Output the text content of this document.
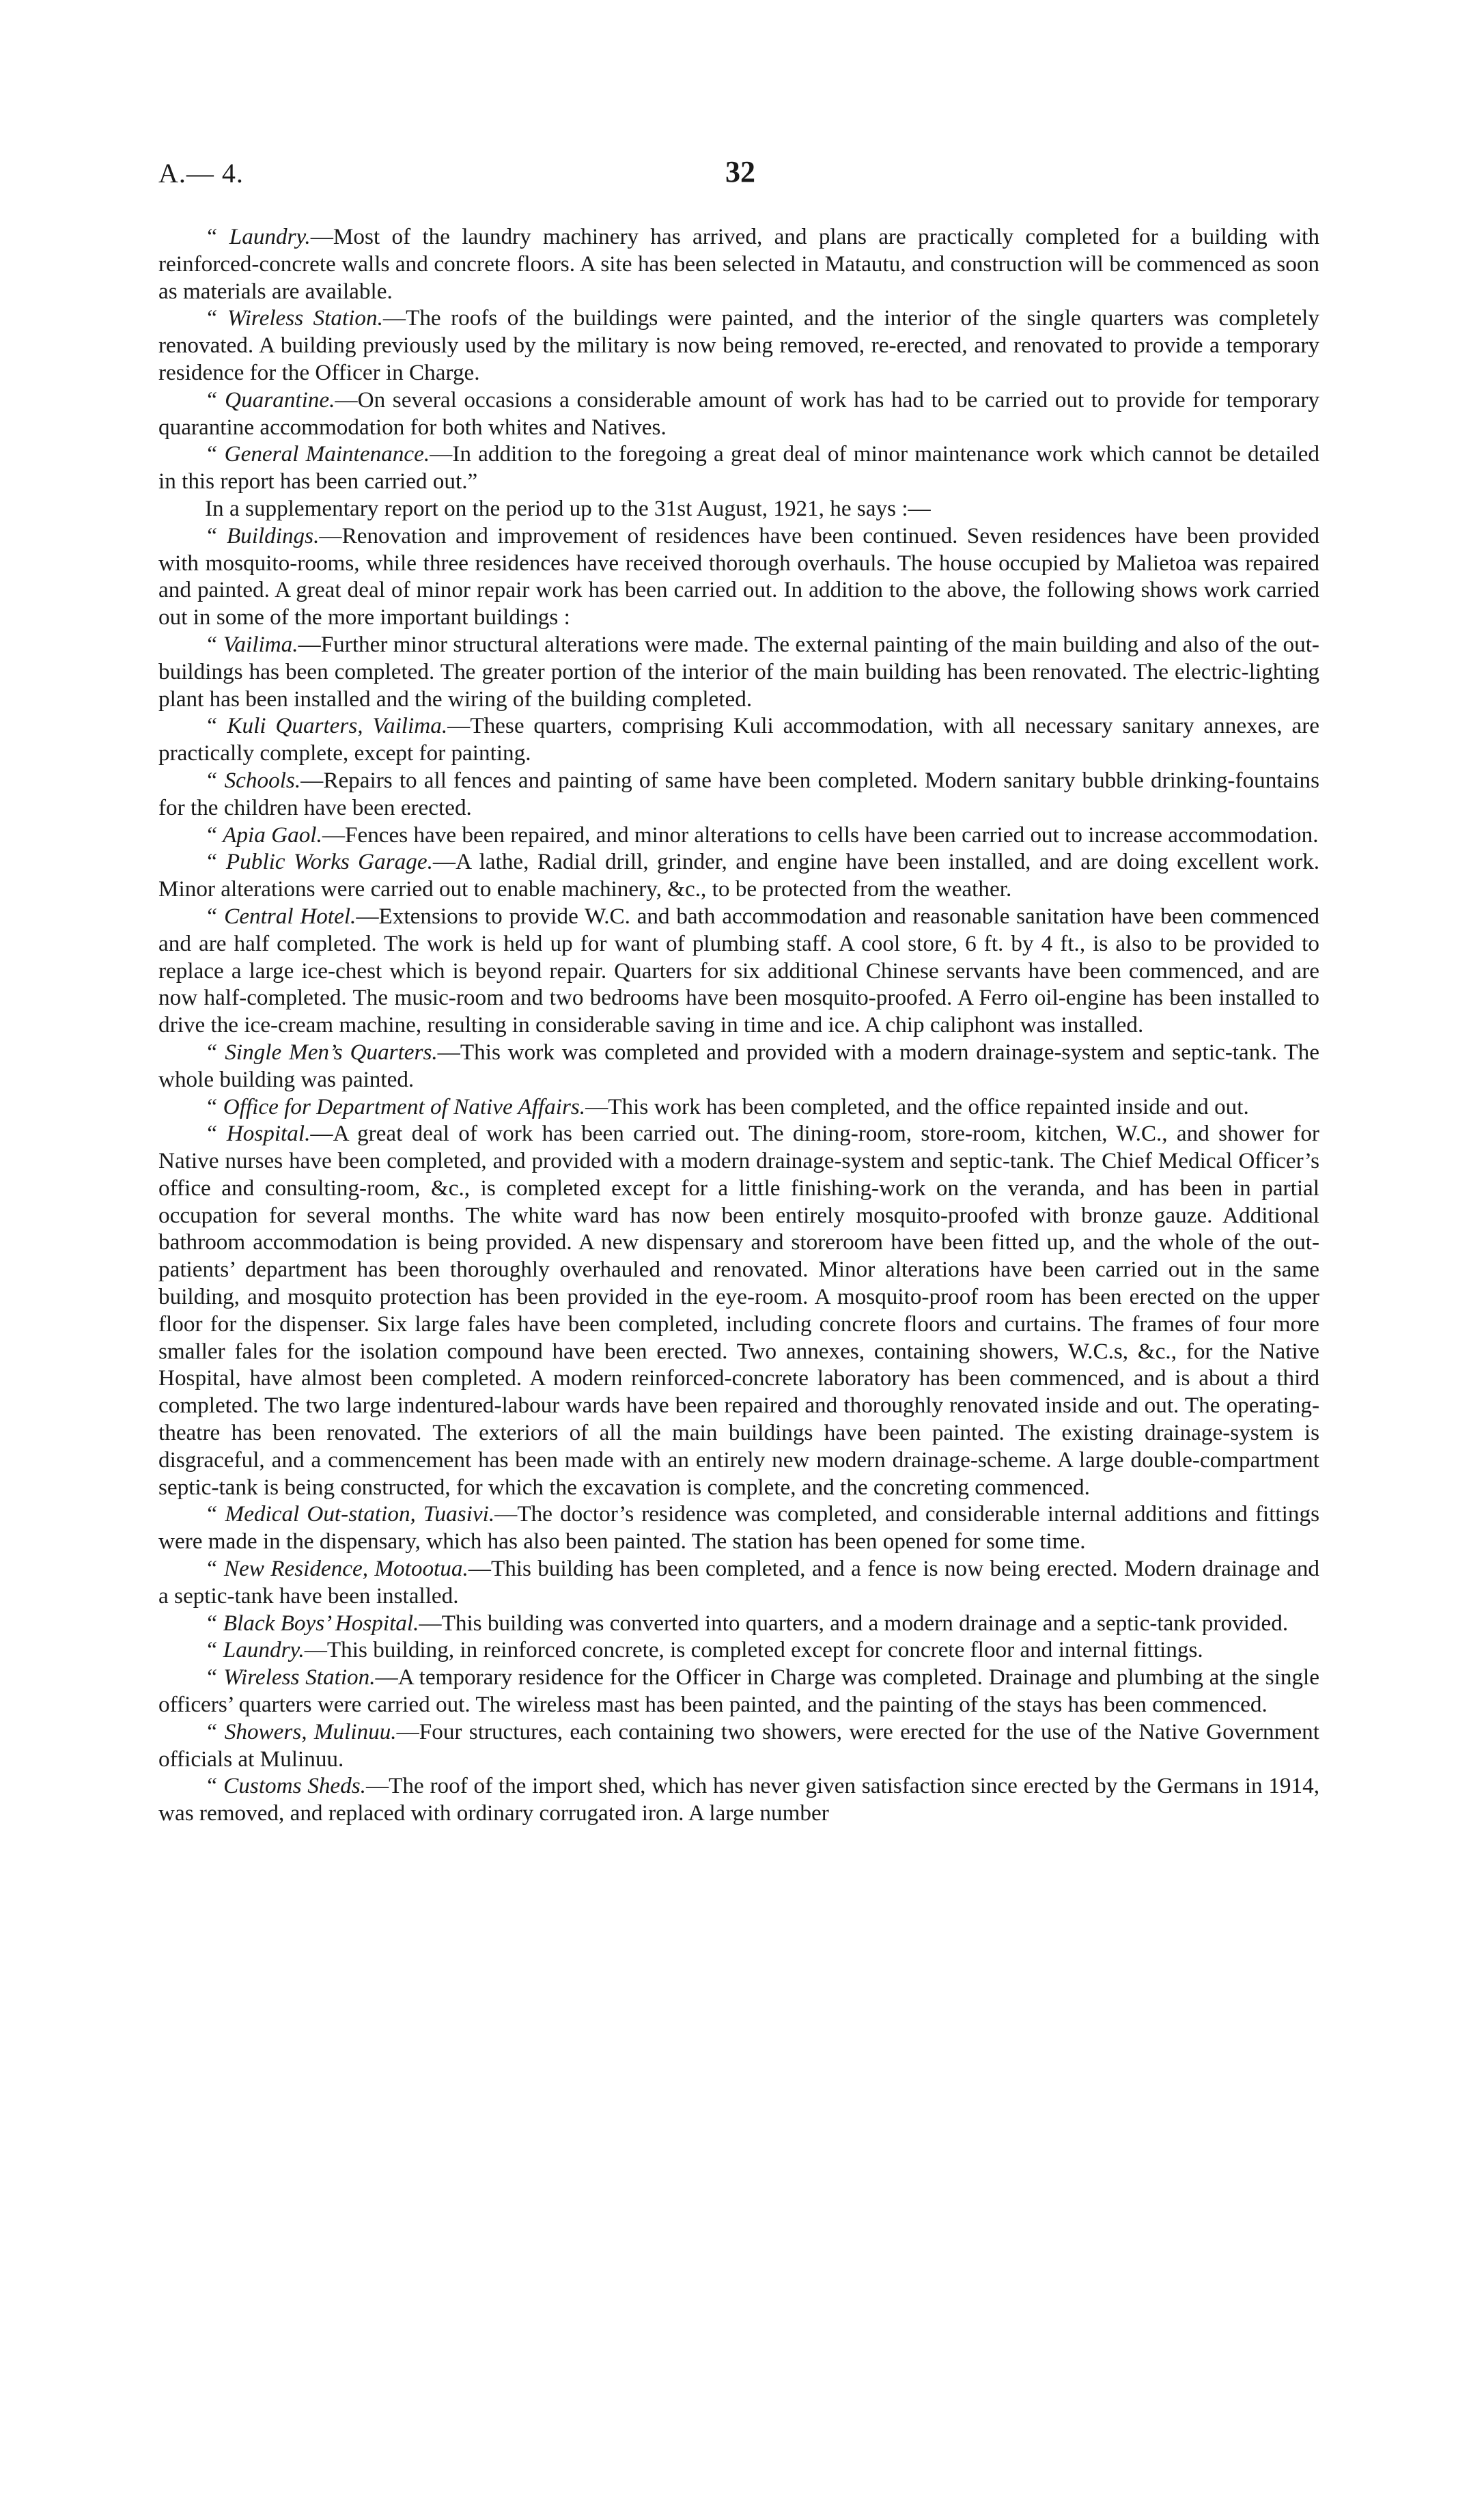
A.— 4.	32

“ Laundry.—Most of the laundry machinery has arrived, and plans are practically completed for a building with reinforced-concrete walls and concrete floors. A site has been selected in Matautu, and construction will be commenced as soon as materials are available.

“ Wireless Station.—The roofs of the buildings were painted, and the interior of the single quarters was completely renovated. A building previously used by the military is now being removed, re-erected, and renovated to provide a temporary residence for the Officer in Charge.

“ Quarantine.—On several occasions a considerable amount of work has had to be carried out to provide for temporary quarantine accommodation for both whites and Natives.

“ General Maintenance.—In addition to the foregoing a great deal of minor maintenance work which cannot be detailed in this report has been carried out.”

In a supplementary report on the period up to the 31st August, 1921, he says :—

“ Buildings.—Renovation and improvement of residences have been continued. Seven residences have been provided with mosquito-rooms, while three residences have received thorough overhauls. The house occupied by Malietoa was repaired and painted. A great deal of minor repair work has been carried out. In addition to the above, the following shows work carried out in some of the more important buildings :

“ Vailima.—Further minor structural alterations were made. The external painting of the main building and also of the out-buildings has been completed. The greater portion of the interior of the main building has been renovated. The electric-lighting plant has been installed and the wiring of the building completed.

“ Kuli Quarters, Vailima.—These quarters, comprising Kuli accommodation, with all necessary sanitary annexes, are practically complete, except for painting.

“ Schools.—Repairs to all fences and painting of same have been completed. Modern sanitary bubble drinking-fountains for the children have been erected.

“ Apia Gaol.—Fences have been repaired, and minor alterations to cells have been carried out to increase accommodation.

“ Public Works Garage.—A lathe, Radial drill, grinder, and engine have been installed, and are doing excellent work. Minor alterations were carried out to enable machinery, &c., to be protected from the weather.

“ Central Hotel.—Extensions to provide W.C. and bath accommodation and reasonable sanitation have been commenced and are half completed. The work is held up for want of plumbing staff. A cool store, 6 ft. by 4 ft., is also to be provided to replace a large ice-chest which is beyond repair. Quarters for six additional Chinese servants have been commenced, and are now half-completed. The music-room and two bedrooms have been mosquito-proofed. A Ferro oil-engine has been installed to drive the ice-cream machine, resulting in considerable saving in time and ice. A chip caliphont was installed.

“ Single Men’s Quarters.—This work was completed and provided with a modern drainage-system and septic-tank. The whole building was painted.

“ Office for Department of Native Affairs.—This work has been completed, and the office repainted inside and out.

“ Hospital.—A great deal of work has been carried out. The dining-room, store-room, kitchen, W.C., and shower for Native nurses have been completed, and provided with a modern drainage-system and septic-tank. The Chief Medical Officer’s office and consulting-room, &c., is completed except for a little finishing-work on the veranda, and has been in partial occupation for several months. The white ward has now been entirely mosquito-proofed with bronze gauze. Additional bathroom accommodation is being provided. A new dispensary and storeroom have been fitted up, and the whole of the out-patients’ department has been thoroughly overhauled and renovated. Minor alterations have been carried out in the same building, and mosquito protection has been provided in the eye-room. A mosquito-proof room has been erected on the upper floor for the dispenser. Six large fales have been completed, including concrete floors and curtains. The frames of four more smaller fales for the isolation compound have been erected. Two annexes, containing showers, W.C.s, &c., for the Native Hospital, have almost been completed. A modern reinforced-concrete laboratory has been commenced, and is about a third completed. The two large indentured-labour wards have been repaired and thoroughly renovated inside and out. The operating-theatre has been renovated. The exteriors of all the main buildings have been painted. The existing drainage-system is disgraceful, and a commencement has been made with an entirely new modern drainage-scheme. A large double-compartment septic-tank is being constructed, for which the excavation is complete, and the concreting commenced.

“ Medical Out-station, Tuasivi.—The doctor’s residence was completed, and considerable internal additions and fittings were made in the dispensary, which has also been painted. The station has been opened for some time.

“ New Residence, Motootua.—This building has been completed, and a fence is now being erected. Modern drainage and a septic-tank have been installed.

“ Black Boys’ Hospital.—This building was converted into quarters, and a modern drainage and a septic-tank provided.

“ Laundry.—This building, in reinforced concrete, is completed except for concrete floor and internal fittings.

“ Wireless Station.—A temporary residence for the Officer in Charge was completed. Drainage and plumbing at the single officers’ quarters were carried out. The wireless mast has been painted, and the painting of the stays has been commenced.

“ Showers, Mulinuu.—Four structures, each containing two showers, were erected for the use of the Native Government officials at Mulinuu.

“ Customs Sheds.—The roof of the import shed, which has never given satisfaction since erected by the Germans in 1914, was removed, and replaced with ordinary corrugated iron. A large number
